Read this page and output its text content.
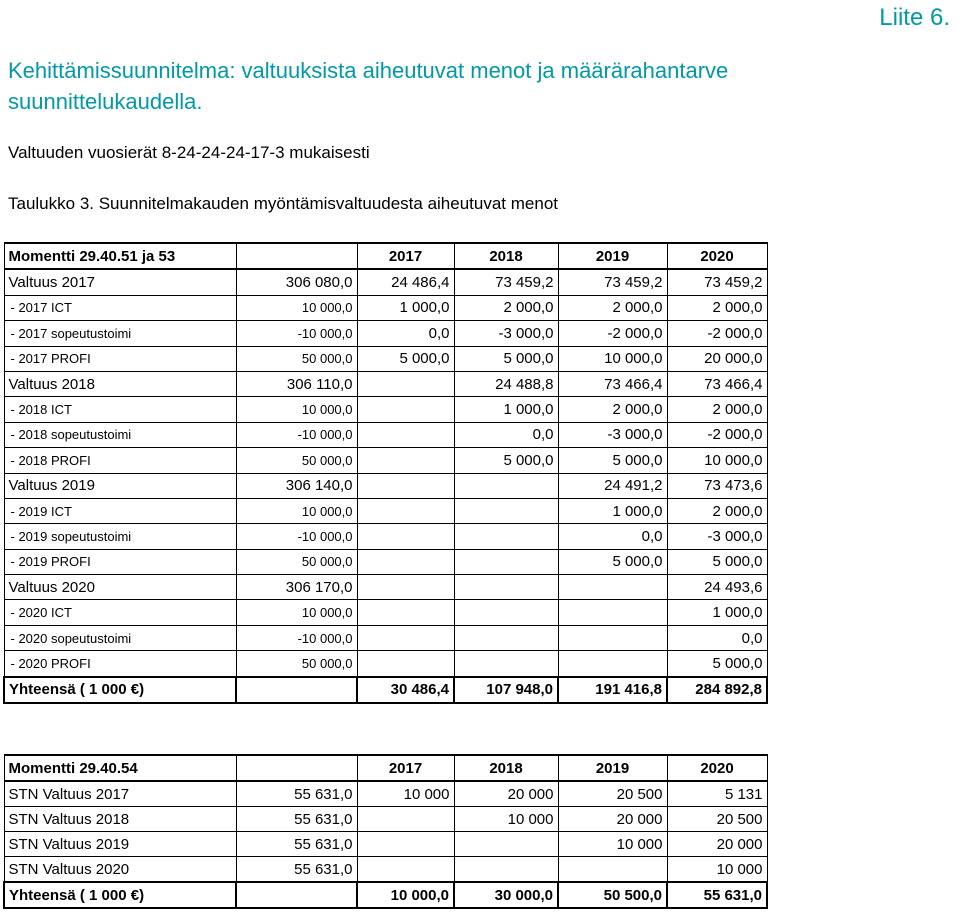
Liite 6.
Kehittämissuunnitelma: valtuuksista aiheutuvat menot ja määrärahantarve suunnittelukaudella.
Valtuuden vuosierät 8-24-24-24-17-3 mukaisesti
Taulukko 3. Suunnitelmakauden myöntämisvaltuudesta aiheutuvat menot
Momentti 29.40.51 ja 53		2017	2018	2019	2020
Valtuus 2017	306 080,0	24 486,4	73 459,2	73 459,2	73 459,2
- 2017 ICT	10 000,0	1 000,0	2 000,0	2 000,0	2 000,0
- 2017 sopeutustoimi	-10 000,0	0,0	-3 000,0	-2 000,0	-2 000,0
- 2017 PROFI	50 000,0	5 000,0	5 000,0	10 000,0	20 000,0
Valtuus 2018	306 110,0		24 488,8	73 466,4	73 466,4
- 2018 ICT	10 000,0		1 000,0	2 000,0	2 000,0
- 2018 sopeutustoimi	-10 000,0		0,0	-3 000,0	-2 000,0
- 2018 PROFI	50 000,0		5 000,0	5 000,0	10 000,0
Valtuus 2019	306 140,0			24 491,2	73 473,6
- 2019 ICT	10 000,0			1 000,0	2 000,0
- 2019 sopeutustoimi	-10 000,0			0,0	-3 000,0
- 2019 PROFI	50 000,0			5 000,0	5 000,0
Valtuus 2020	306 170,0				24 493,6
- 2020 ICT	10 000,0				1 000,0
- 2020 sopeutustoimi	-10 000,0				0,0
- 2020 PROFI	50 000,0				5 000,0
Yhteensä ( 1 000 €)		30 486,4	107 948,0	191 416,8	284 892,8
Momentti 29.40.54		2017	2018	2019	2020
STN Valtuus 2017	55 631,0	10 000	20 000	20 500	5 131
STN Valtuus 2018	55 631,0		10 000	20 000	20 500
STN Valtuus 2019	55 631,0			10 000	20 000
STN Valtuus 2020	55 631,0				10 000
Yhteensä ( 1 000 €)		10 000,0	30 000,0	50 500,0	55 631,0
